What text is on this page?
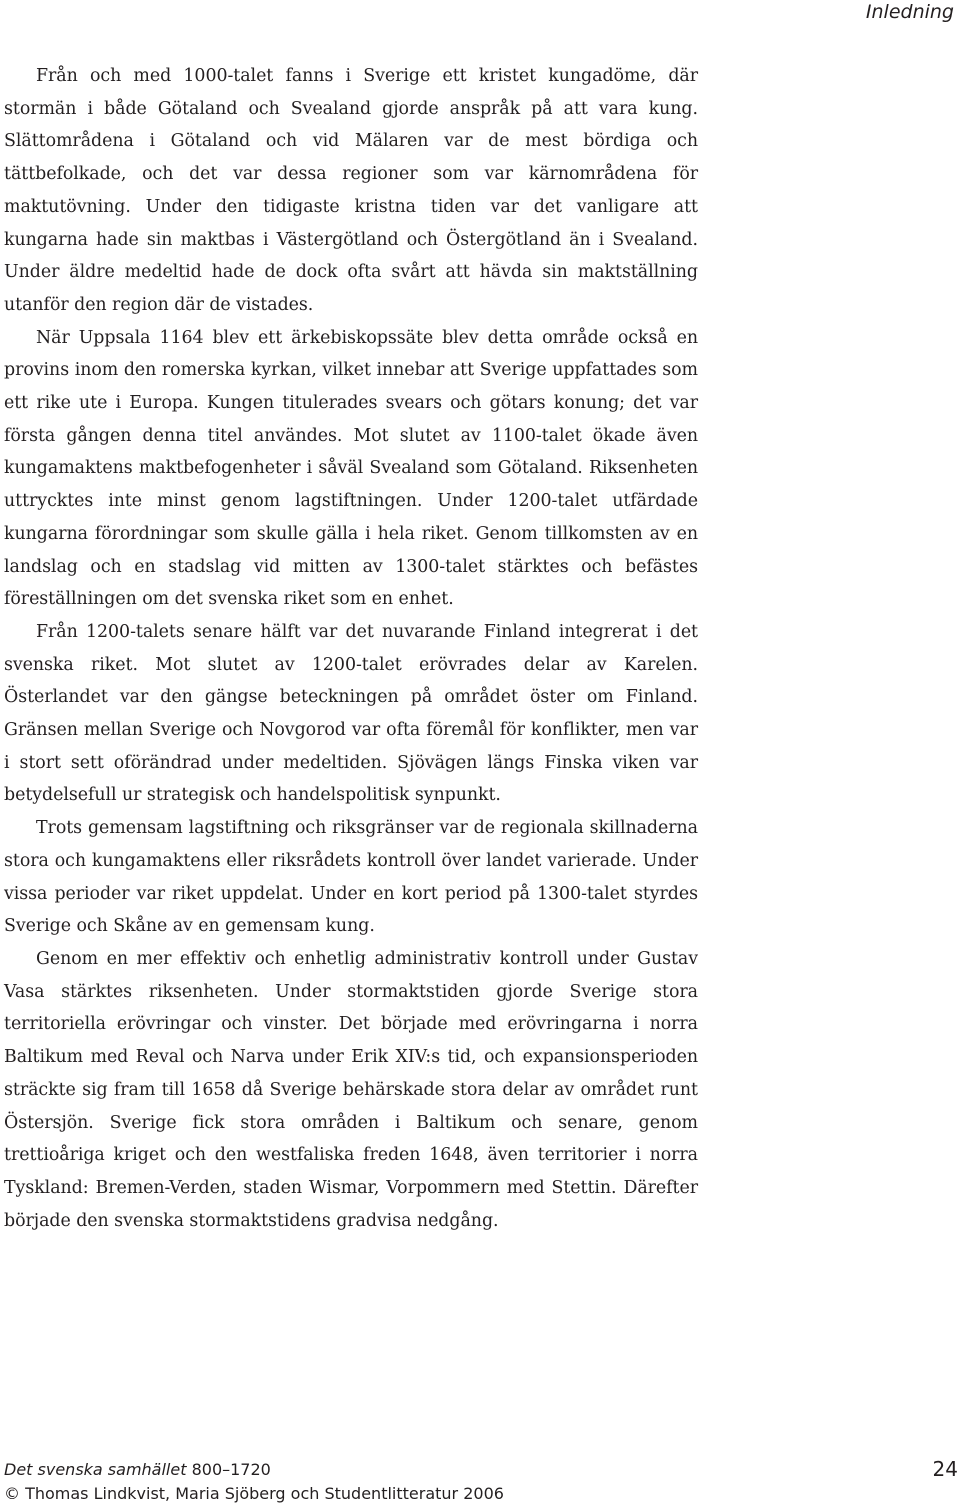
Inledning

Från och med 1000-talet fanns i Sverige ett kristet kungadöme, där stormän i både Götaland och Svealand gjorde anspråk på att vara kung. Slättområdena i Götaland och vid Mälaren var de mest bördiga och tättbefolkade, och det var dessa regioner som var kärnområdena för maktutövning. Under den tidigaste kristna tiden var det vanligare att kungarna hade sin maktbas i Västergötland och Östergötland än i Svealand. Under äldre medeltid hade de dock ofta svårt att hävda sin maktställning utanför den region där de vistades.

När Uppsala 1164 blev ett ärkebiskopssäte blev detta område också en provins inom den romerska kyrkan, vilket innebar att Sverige uppfattades som ett rike ute i Europa. Kungen titulerades svears och götars konung; det var första gången denna titel användes. Mot slutet av 1100-talet ökade även kungamaktens maktbefogenheter i såväl Svealand som Götaland. Riksenheten uttrycktes inte minst genom lagstiftningen. Under 1200-talet utfärdade kungarna förordningar som skulle gälla i hela riket. Genom tillkomsten av en landslag och en stadslag vid mitten av 1300-talet stärktes och befästes föreställningen om det svenska riket som en enhet.

Från 1200-talets senare hälft var det nuvarande Finland integrerat i det svenska riket. Mot slutet av 1200-talet erövrades delar av Karelen. Österlandet var den gängse beteckningen på området öster om Finland. Gränsen mellan Sverige och Novgorod var ofta föremål för konflikter, men var i stort sett oförändrad under medeltiden. Sjövägen längs Finska viken var betydelsefull ur strategisk och handelspolitisk synpunkt.

Trots gemensam lagstiftning och riksgränser var de regionala skillnaderna stora och kungamaktens eller riksrådets kontroll över landet varierade. Under vissa perioder var riket uppdelat. Under en kort period på 1300-talet styrdes Sverige och Skåne av en gemensam kung.

Genom en mer effektiv och enhetlig administrativ kontroll under Gustav Vasa stärktes riksenheten. Under stormaktstiden gjorde Sverige stora territoriella erövringar och vinster. Det började med erövringarna i norra Baltikum med Reval och Narva under Erik XIV:s tid, och expansionsperioden sträckte sig fram till 1658 då Sverige behärskade stora delar av området runt Östersjön. Sverige fick stora områden i Baltikum och senare, genom trettioåriga kriget och den westfaliska freden 1648, även territorier i norra Tyskland: Bremen-Verden, staden Wismar, Vorpommern med Stettin. Därefter började den svenska stormaktstidens gradvisa nedgång.

Det svenska samhället 800–1720
© Thomas Lindkvist, Maria Sjöberg och Studentlitteratur 2006
24
